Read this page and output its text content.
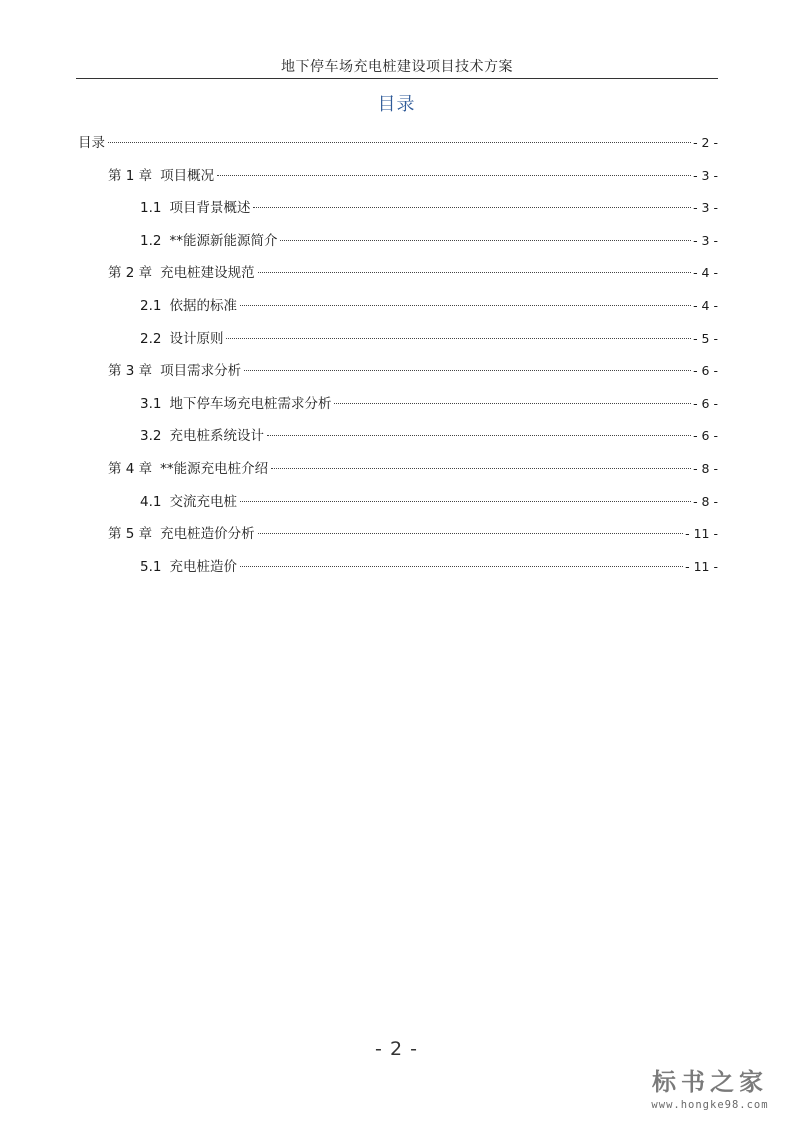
地下停车场充电桩建设项目技术方案
目录
目录	- 2 -
第 1 章 项目概况	- 3 -
1.1 项目背景概述	- 3 -
1.2 **能源新能源简介	- 3 -
第 2 章 充电桩建设规范	- 4 -
2.1 依据的标准	- 4 -
2.2 设计原则	- 5 -
第 3 章 项目需求分析	- 6 -
3.1 地下停车场充电桩需求分析	- 6 -
3.2 充电桩系统设计	- 6 -
第 4 章 **能源充电桩介绍	- 8 -
4.1 交流充电桩	- 8 -
第 5 章 充电桩造价分析	- 11 -
5.1 充电桩造价	- 11 -
- 2 -
标书之家
www.hongke98.com
